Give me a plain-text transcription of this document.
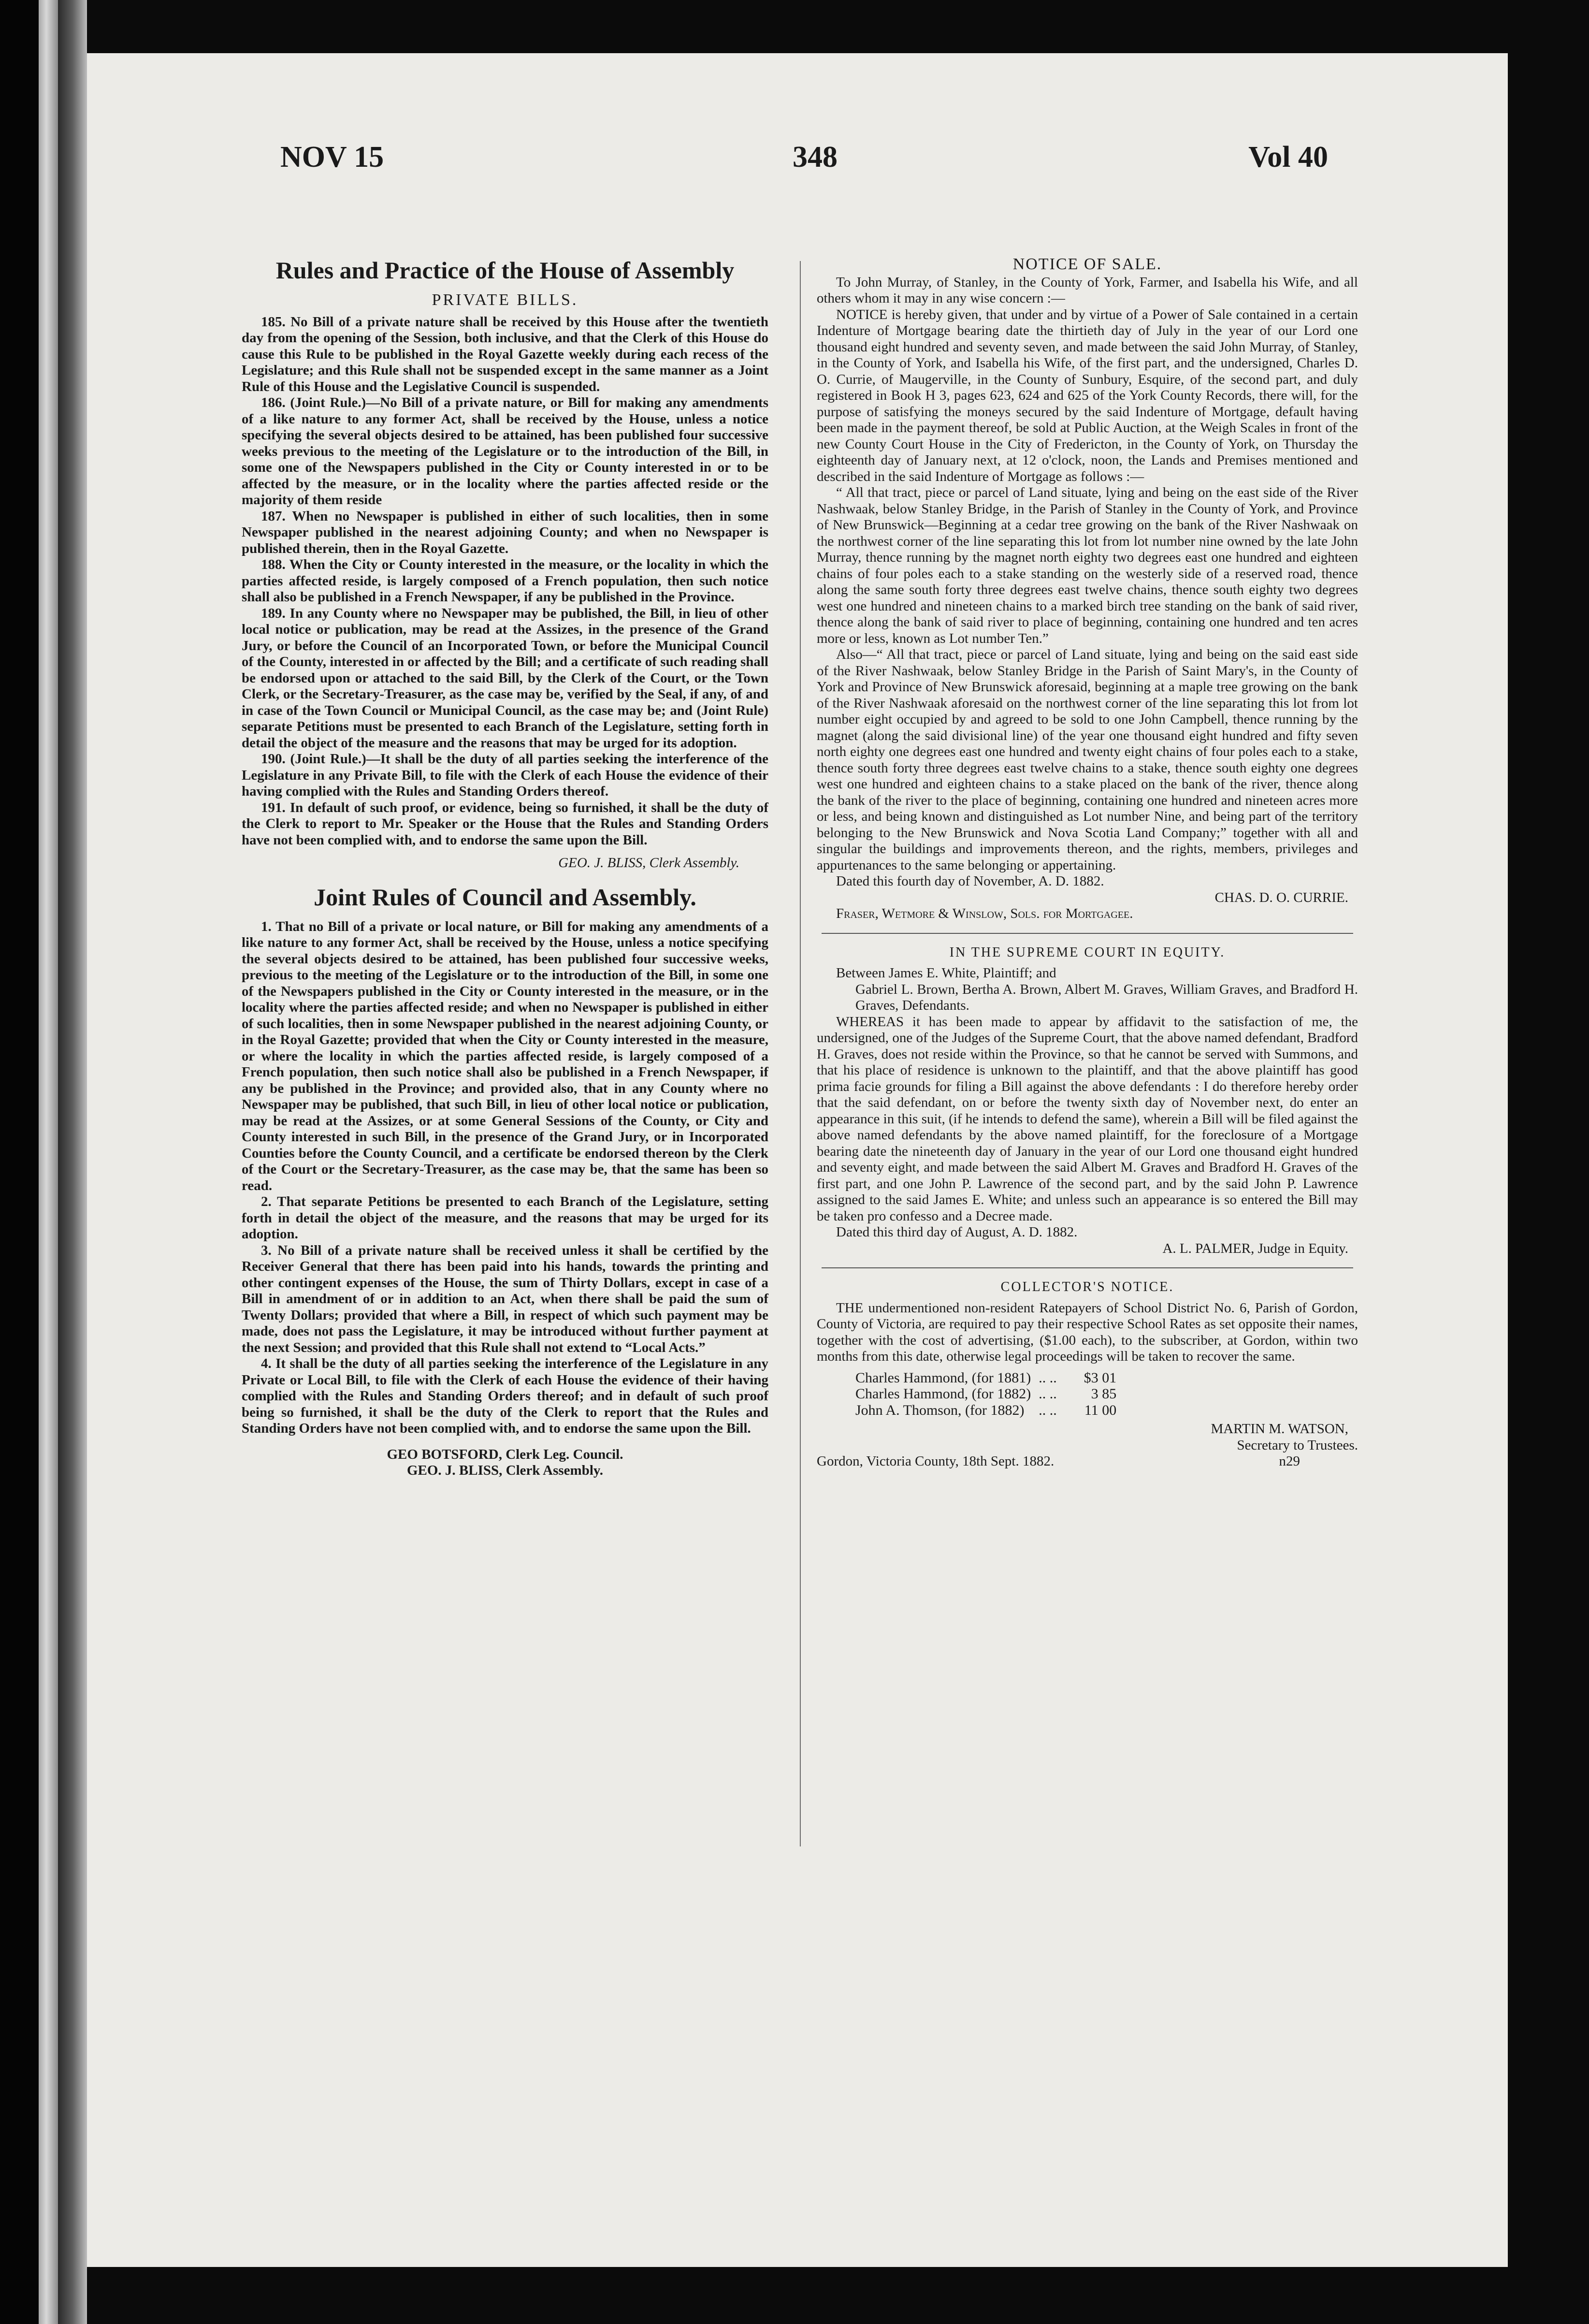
NOV 15	348	Vol 40
Rules and Practice of the House of Assembly
PRIVATE BILLS.

185. No Bill of a private nature shall be received by this House after the twentieth day from the opening of the Session, both inclusive, and that the Clerk of this House do cause this Rule to be published in the Royal Gazette weekly during each recess of the Legislature; and this Rule shall not be suspended except in the same manner as a Joint Rule of this House and the Legislative Council is suspended.

186. (Joint Rule.)—No Bill of a private nature, or Bill for making any amendments of a like nature to any former Act, shall be received by the House, unless a notice specifying the several objects desired to be attained, has been published four successive weeks previous to the meeting of the Legislature or to the introduction of the Bill, in some one of the Newspapers published in the City or County interested in or to be affected by the measure, or in the locality where the parties affected reside or the majority of them reside

187. When no Newspaper is published in either of such localities, then in some Newspaper published in the nearest adjoining County; and when no Newspaper is published therein, then in the Royal Gazette.

188. When the City or County interested in the measure, or the locality in which the parties affected reside, is largely composed of a French population, then such notice shall also be published in a French Newspaper, if any be published in the Province.

189. In any County where no Newspaper may be published, the Bill, in lieu of other local notice or publication, may be read at the Assizes, in the presence of the Grand Jury, or before the Council of an Incorporated Town, or before the Municipal Council of the County, interested in or affected by the Bill; and a certificate of such reading shall be endorsed upon or attached to the said Bill, by the Clerk of the Court, or the Town Clerk, or the Secretary-Treasurer, as the case may be, verified by the Seal, if any, of and in case of the Town Council or Municipal Council, as the case may be; and (Joint Rule) separate Petitions must be presented to each Branch of the Legislature, setting forth in detail the object of the measure and the reasons that may be urged for its adoption.

190. (Joint Rule.)—It shall be the duty of all parties seeking the interference of the Legislature in any Private Bill, to file with the Clerk of each House the evidence of their having complied with the Rules and Standing Orders thereof.

191. In default of such proof, or evidence, being so furnished, it shall be the duty of the Clerk to report to Mr. Speaker or the House that the Rules and Standing Orders have not been complied with, and to endorse the same upon the Bill.

GEO. J. BLISS, Clerk Assembly.
Joint Rules of Council and Assembly.

1. That no Bill of a private or local nature, or Bill for making any amendments of a like nature to any former Act, shall be received by the House, unless a notice specifying the several objects desired to be attained, has been published four successive weeks, previous to the meeting of the Legislature or to the introduction of the Bill, in some one of the Newspapers published in the City or County interested in the measure, or in the locality where the parties affected reside; and when no Newspaper is published in either of such localities, then in some Newspaper published in the nearest adjoining County, or in the Royal Gazette; provided that when the City or County interested in the measure, or where the locality in which the parties affected reside, is largely composed of a French population, then such notice shall also be published in a French Newspaper, if any be published in the Province; and provided also, that in any County where no Newspaper may be published, that such Bill, in lieu of other local notice or publication, may be read at the Assizes, or at some General Sessions of the County, or City and County interested in such Bill, in the presence of the Grand Jury, or in Incorporated Counties before the County Council, and a certificate be endorsed thereon by the Clerk of the Court or the Secretary-Treasurer, as the case may be, that the same has been so read.

2. That separate Petitions be presented to each Branch of the Legislature, setting forth in detail the object of the measure, and the reasons that may be urged for its adoption.

3. No Bill of a private nature shall be received unless it shall be certified by the Receiver General that there has been paid into his hands, towards the printing and other contingent expenses of the House, the sum of Thirty Dollars, except in case of a Bill in amendment of or in addition to an Act, when there shall be paid the sum of Twenty Dollars; provided that where a Bill, in respect of which such payment may be made, does not pass the Legislature, it may be introduced without further payment at the next Session; and provided that this Rule shall not extend to “Local Acts.”

4. It shall be the duty of all parties seeking the interference of the Legislature in any Private or Local Bill, to file with the Clerk of each House the evidence of their having complied with the Rules and Standing Orders thereof; and in default of such proof being so furnished, it shall be the duty of the Clerk to report that the Rules and Standing Orders have not been complied with, and to endorse the same upon the Bill.

GEO BOTSFORD, Clerk Leg. Council.
GEO. J. BLISS, Clerk Assembly.
NOTICE OF SALE.

To John Murray, of Stanley, in the County of York, Farmer, and Isabella his Wife, and all others whom it may in any wise concern :—

NOTICE is hereby given, that under and by virtue of a Power of Sale contained in a certain Indenture of Mortgage bearing date the thirtieth day of July in the year of our Lord one thousand eight hundred and seventy seven, and made between the said John Murray, of Stanley, in the County of York, and Isabella his Wife, of the first part, and the undersigned, Charles D. O. Currie, of Maugerville, in the County of Sunbury, Esquire, of the second part, and duly registered in Book H 3, pages 623, 624 and 625 of the York County Records, there will, for the purpose of satisfying the moneys secured by the said Indenture of Mortgage, default having been made in the payment thereof, be sold at Public Auction, at the Weigh Scales in front of the new County Court House in the City of Fredericton, in the County of York, on Thursday the eighteenth day of January next, at 12 o'clock, noon, the Lands and Premises mentioned and described in the said Indenture of Mortgage as follows :—

“ All that tract, piece or parcel of Land situate, lying and being on the east side of the River Nashwaak, below Stanley Bridge, in the Parish of Stanley in the County of York, and Province of New Brunswick—Beginning at a cedar tree growing on the bank of the River Nashwaak on the northwest corner of the line separating this lot from lot number nine owned by the late John Murray, thence running by the magnet north eighty two degrees east one hundred and eighteen chains of four poles each to a stake standing on the westerly side of a reserved road, thence along the same south forty three degrees east twelve chains, thence south eighty two degrees west one hundred and nineteen chains to a marked birch tree standing on the bank of said river, thence along the bank of said river to place of beginning, containing one hundred and ten acres more or less, known as Lot number Ten.”

Also—“ All that tract, piece or parcel of Land situate, lying and being on the said east side of the River Nashwaak, below Stanley Bridge in the Parish of Saint Mary's, in the County of York and Province of New Brunswick aforesaid, beginning at a maple tree growing on the bank of the River Nashwaak aforesaid on the northwest corner of the line separating this lot from lot number eight occupied by and agreed to be sold to one John Campbell, thence running by the magnet (along the said divisional line) of the year one thousand eight hundred and fifty seven north eighty one degrees east one hundred and twenty eight chains of four poles each to a stake, thence south forty three degrees east twelve chains to a stake, thence south eighty one degrees west one hundred and eighteen chains to a stake placed on the bank of the river, thence along the bank of the river to the place of beginning, containing one hundred and nineteen acres more or less, and being known and distinguished as Lot number Nine, and being part of the territory belonging to the New Brunswick and Nova Scotia Land Company;” together with all and singular the buildings and improvements thereon, and the rights, members, privileges and appurtenances to the same belonging or appertaining.

Dated this fourth day of November, A. D. 1882.

CHAS. D. O. CURRIE.

Fraser, Wetmore & Winslow, Sols. for Mortgagee.

IN THE SUPREME COURT IN EQUITY.

Between James E. White, Plaintiff; and

Gabriel L. Brown, Bertha A. Brown, Albert M. Graves, William Graves, and Bradford H. Graves, Defendants.

WHEREAS it has been made to appear by affidavit to the satisfaction of me, the undersigned, one of the Judges of the Supreme Court, that the above named defendant, Bradford H. Graves, does not reside within the Province, so that he cannot be served with Summons, and that his place of residence is unknown to the plaintiff, and that the above plaintiff has good prima facie grounds for filing a Bill against the above defendants : I do therefore hereby order that the said defendant, on or before the twenty sixth day of November next, do enter an appearance in this suit, (if he intends to defend the same), wherein a Bill will be filed against the above named defendants by the above named plaintiff, for the foreclosure of a Mortgage bearing date the nineteenth day of January in the year of our Lord one thousand eight hundred and seventy eight, and made between the said Albert M. Graves and Bradford H. Graves of the first part, and one John P. Lawrence of the second part, and by the said John P. Lawrence assigned to the said James E. White; and unless such an appearance is so entered the Bill may be taken pro confesso and a Decree made.

Dated this third day of August, A. D. 1882.

A. L. PALMER, Judge in Equity.

COLLECTOR'S NOTICE.

THE undermentioned non-resident Ratepayers of School District No. 6, Parish of Gordon, County of Victoria, are required to pay their respective School Rates as set opposite their names, together with the cost of advertising, ($1.00 each), to the subscriber, at Gordon, within two months from this date, otherwise legal proceedings will be taken to recover the same.

Charles Hammond, (for 1881)	.. ..	$3 01
Charles Hammond, (for 1882)	.. ..	3 85
John A. Thomson, (for 1882)	.. ..	11 00

MARTIN M. WATSON,

Secretary to Trustees.

Gordon, Victoria County, 18th Sept. 1882.	n29
